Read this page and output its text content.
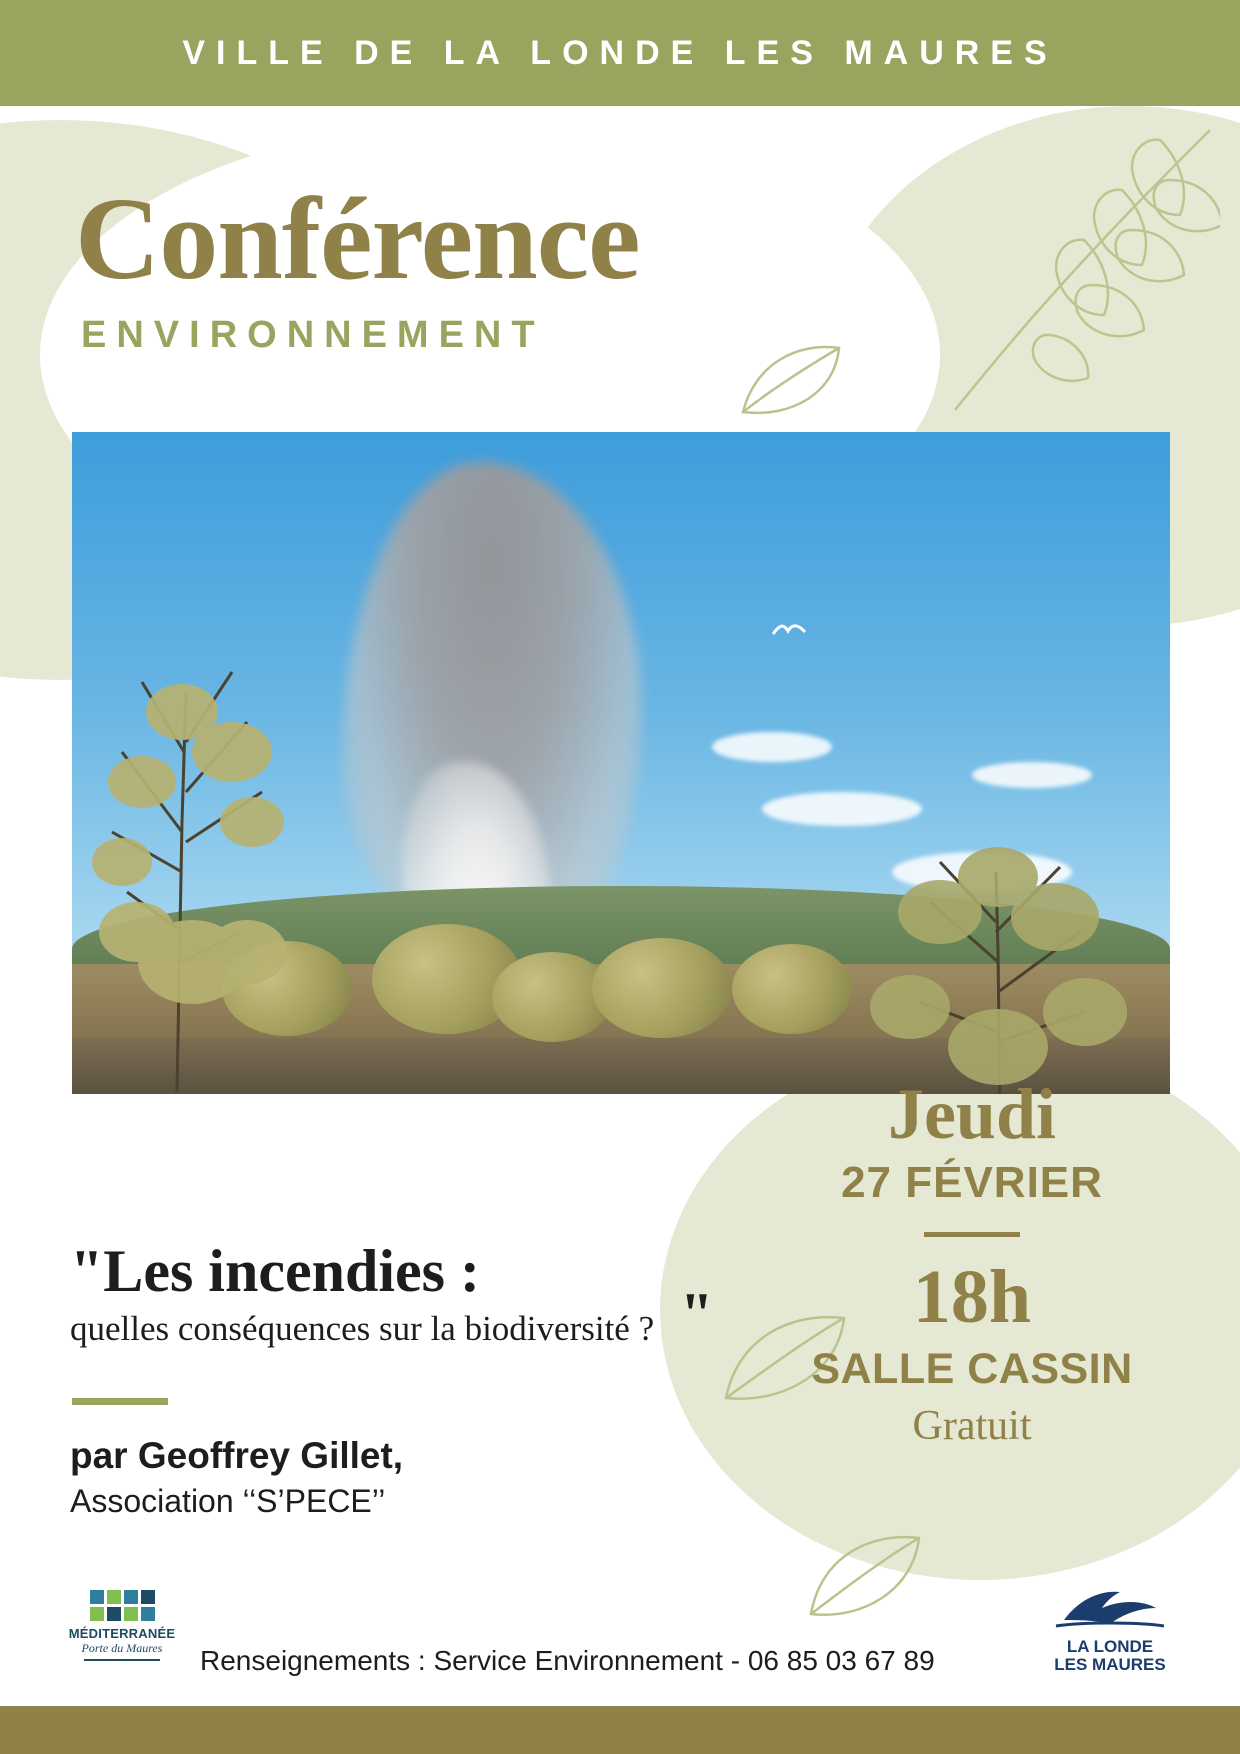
VILLE DE LA LONDE LES MAURES
Conférence
ENVIRONNEMENT
"Les incendies :
quelles conséquences sur la biodiversité ? "
par Geoffrey Gillet,
Association ‘‘S’PECE’’
Jeudi
27 FÉVRIER
18h
SALLE CASSIN
Gratuit
MÉDITERRANÉE
Porte du Maures	Renseignements : Service Environnement - 06 85 03 67 89	LA LONDE
LES MAURES
